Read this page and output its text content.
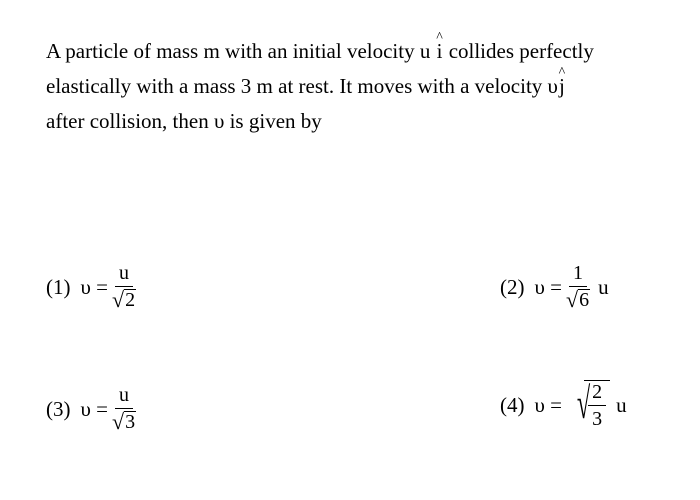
A particle of mass m with an initial velocity u ^ i collides perfectly
elastically with a mass 3 m at rest. It moves with a velocity υ^ j
after collision, then υ is given by
(1) $\upsilon = \frac{u}{√ 2}$	(2) $\upsilon = \frac{1}{√ 6}$ u
(3) $\upsilon = \frac{u}{√ 3}$	(4) υ = √
$\frac{2}{3}$ u
